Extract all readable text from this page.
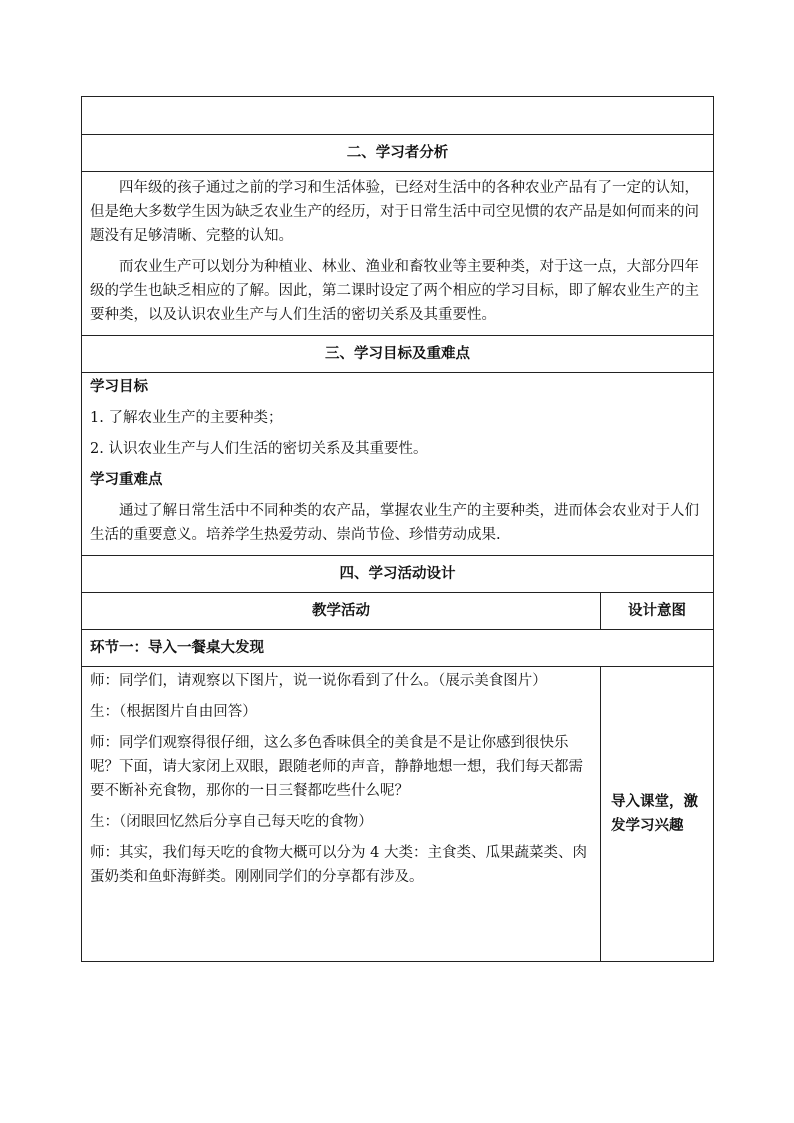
二、学习者分析	

四年级的孩子通过之前的学习和生活体验，已经对生活中的各种农业产品有了一定的认知，但是绝大多数学生因为缺乏农业生产的经历，对于日常生活中司空见惯的农产品是如何而来的问题没有足够清晰、完整的认知。

而农业生产可以划分为种植业、林业、渔业和畜牧业等主要种类，对于这一点，大部分四年级的学生也缺乏相应的了解。因此，第二课时设定了两个相应的学习目标，即了解农业生产的主要种类，以及认识农业生产与人们生活的密切关系及其重要性。	

三、学习目标及重难点	

学习目标

1. 了解农业生产的主要种类；

2. 认识农业生产与人们生活的密切关系及其重要性。

学习重难点

通过了解日常生活中不同种类的农产品，掌握农业生产的主要种类，进而体会农业对于人们生活的重要意义。培养学生热爱劳动、崇尚节俭、珍惜劳动成果.	

四、学习活动设计	
教学活动	设计意图
环节一：导入一餐桌大发现	

师：同学们，请观察以下图片，说一说你看到了什么。（展示美食图片）

生：（根据图片自由回答）

师：同学们观察得很仔细，这么多色香味俱全的美食是不是让你感到很快乐呢？下面，请大家闭上双眼，跟随老师的声音，静静地想一想，我们每天都需要不断补充食物，那你的一日三餐都吃些什么呢？

生：（闭眼回忆然后分享自己每天吃的食物）

师：其实，我们每天吃的食物大概可以分为 4 大类：主食类、瓜果蔬菜类、肉蛋奶类和鱼虾海鲜类。刚刚同学们的分享都有涉及。	导入课堂，激发学习兴趣
